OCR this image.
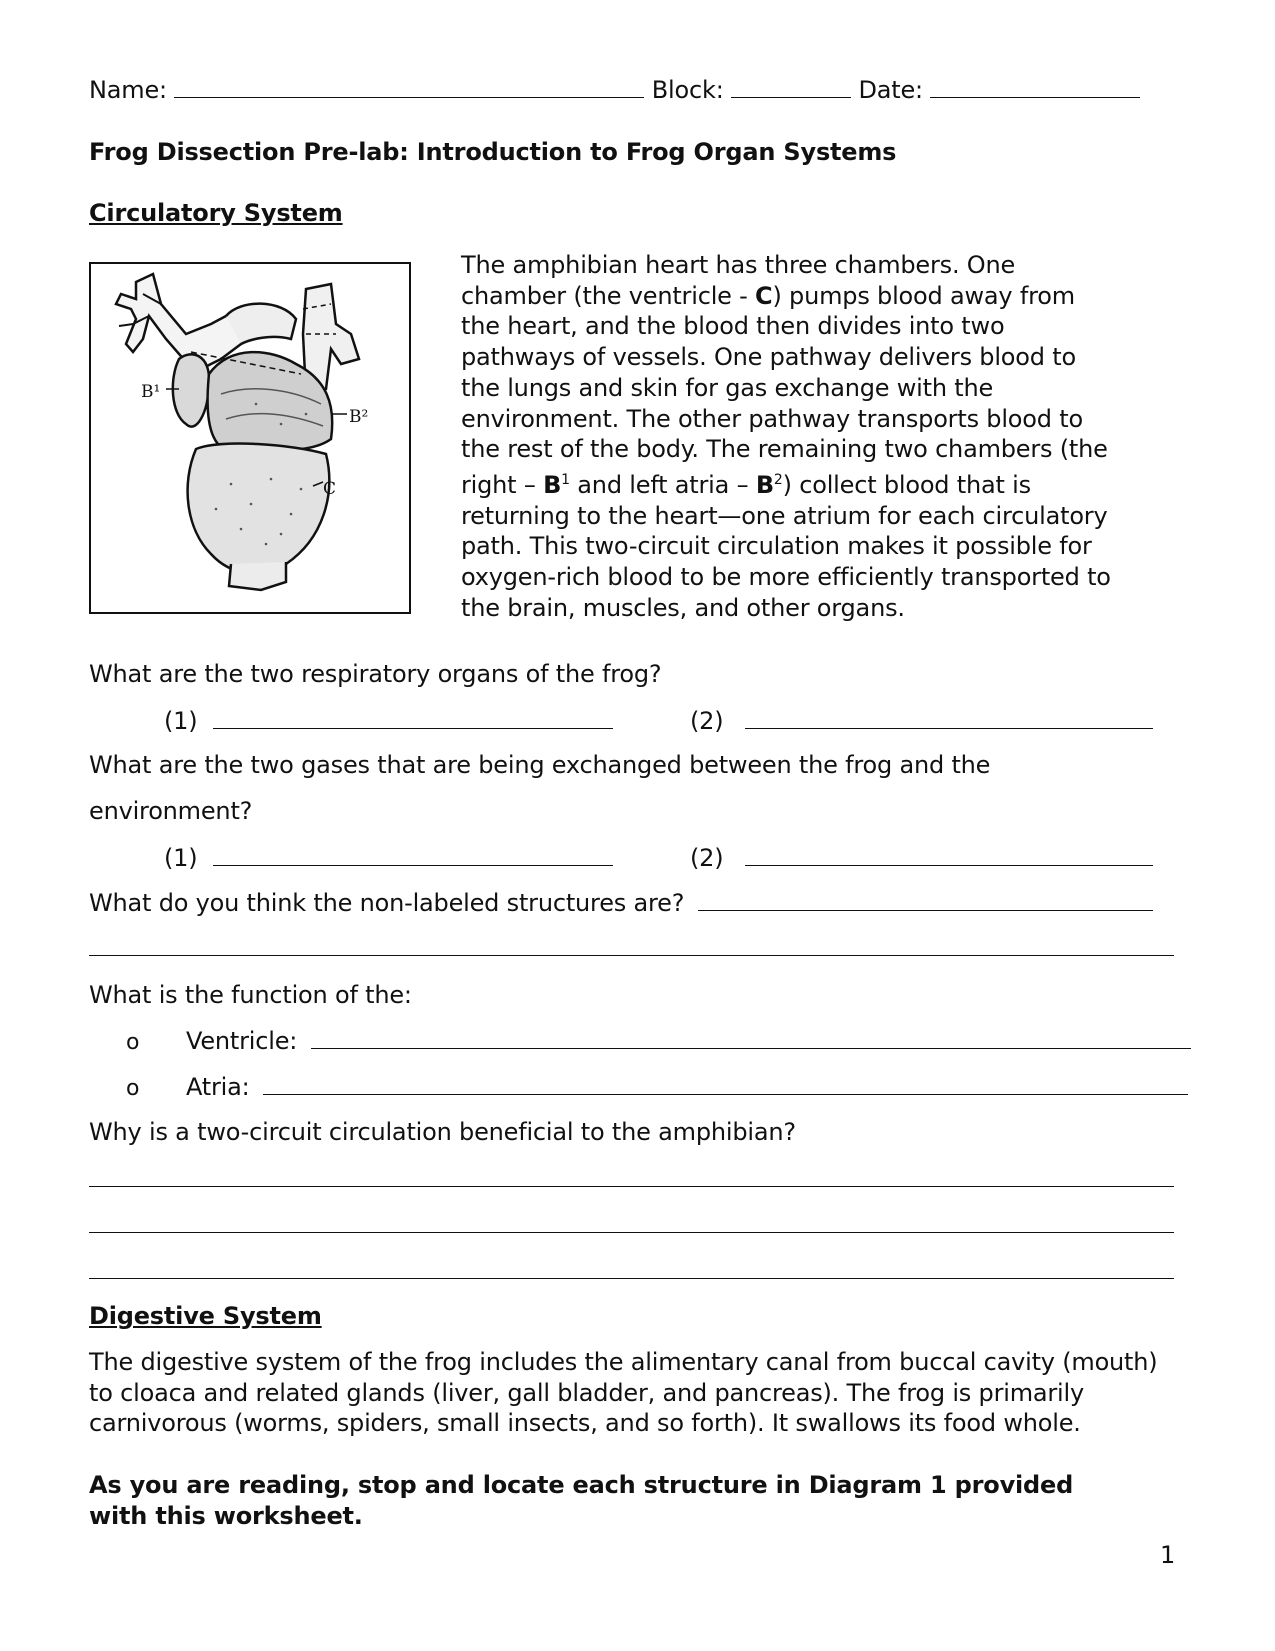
Name:	Block:	Date:
Frog Dissection Pre-lab: Introduction to Frog Organ Systems
Circulatory System
B¹
B²
C
The amphibian heart has three chambers. One chamber (the ventricle - C) pumps blood away from the heart, and the blood then divides into two pathways of vessels. One pathway delivers blood to the lungs and skin for gas exchange with the environment. The other pathway transports blood to the rest of the body. The remaining two chambers (the right – $B^1$ and left atria – $B^2$) collect blood that is returning to the heart—one atrium for each circulatory path. This two-circuit circulation makes it possible for oxygen-rich blood to be more efficiently transported to the brain, muscles, and other organs.
What are the two respiratory organs of the frog?
(1)	(2)
What are the two gases that are being exchanged between the frog and the
environment?
(1)	(2)
What do you think the non-labeled structures are?
What is the function of the:
o Ventricle:
o Atria:
Why is a two-circuit circulation beneficial to the amphibian?
Digestive System
The digestive system of the frog includes the alimentary canal from buccal cavity (mouth) to cloaca and related glands (liver, gall bladder, and pancreas). The frog is primarily carnivorous (worms, spiders, small insects, and so forth). It swallows its food whole.
As you are reading, stop and locate each structure in Diagram 1 provided with this worksheet.
1
